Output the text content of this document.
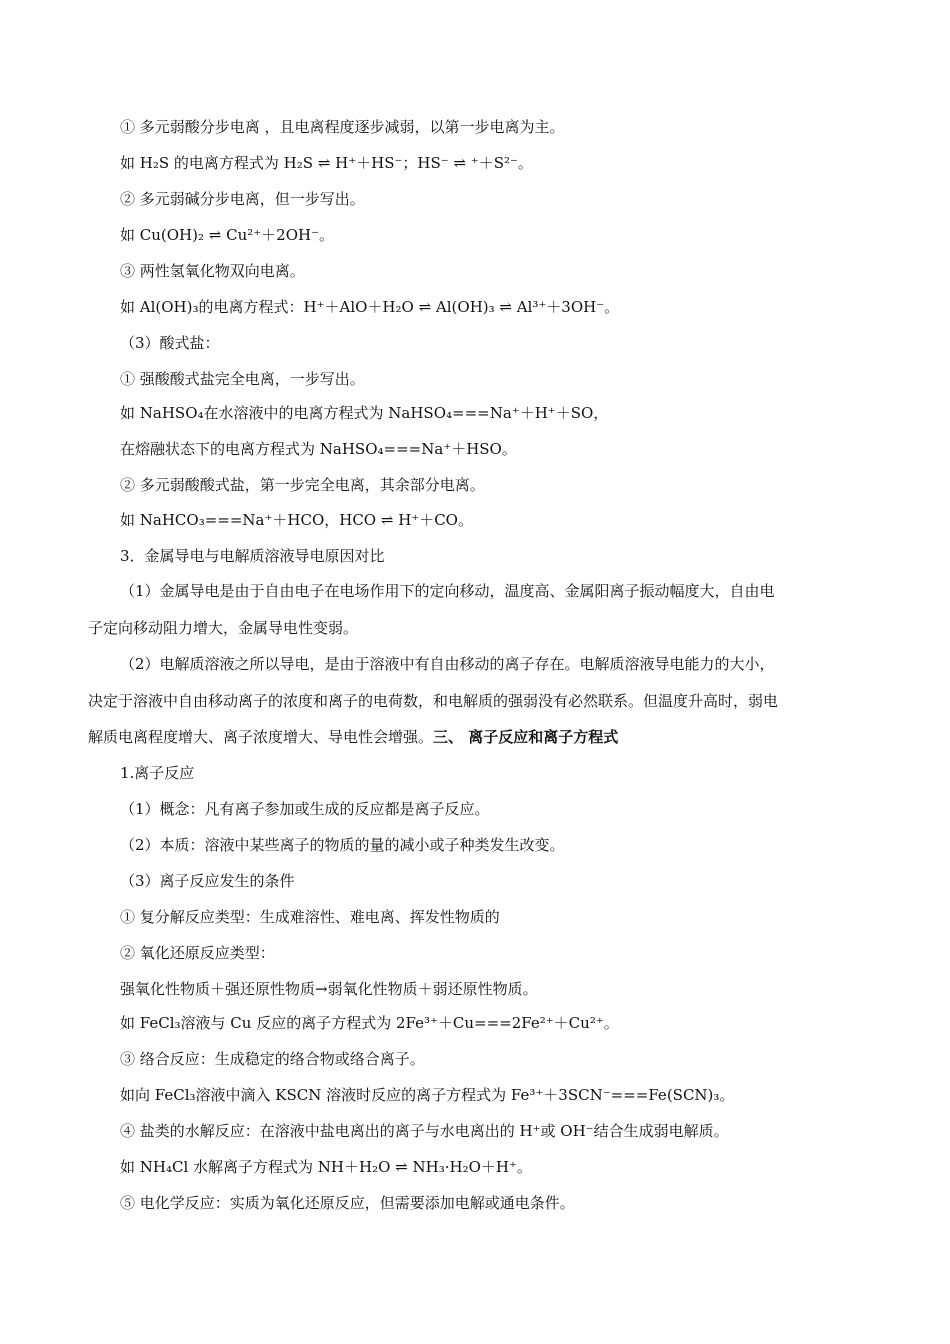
① 多元弱酸分步电离 ，且电离程度逐步减弱，以第一步电离为主。
如 H₂S 的电离方程式为 H₂S ⇌ H⁺＋HS⁻；HS⁻ ⇌ ⁺＋S²⁻。
② 多元弱碱分步电离，但一步写出。
如 Cu(OH)₂ ⇌ Cu²⁺＋2OH⁻。
③ 两性氢氧化物双向电离。
如 Al(OH)₃的电离方程式：H⁺＋AlO＋H₂O ⇌ Al(OH)₃ ⇌ Al³⁺＋3OH⁻。
（3）酸式盐：
① 强酸酸式盐完全电离，一步写出。
如 NaHSO₄在水溶液中的电离方程式为 NaHSO₄===Na⁺＋H⁺＋SO，
在熔融状态下的电离方程式为 NaHSO₄===Na⁺＋HSO。
② 多元弱酸酸式盐，第一步完全电离，其余部分电离。
如 NaHCO₃===Na⁺＋HCO，HCO ⇌ H⁺＋CO。
3．金属导电与电解质溶液导电原因对比
（1）金属导电是由于自由电子在电场作用下的定向移动，温度高、金属阳离子振动幅度大，自由电
子定向移动阻力增大，金属导电性变弱。
（2）电解质溶液之所以导电，是由于溶液中有自由移动的离子存在。电解质溶液导电能力的大小，
决定于溶液中自由移动离子的浓度和离子的电荷数，和电解质的强弱没有必然联系。但温度升高时，弱电
解质电离程度增大、离子浓度增大、导电性会增强。三、 离子反应和离子方程式
1.离子反应
（1）概念：凡有离子参加或生成的反应都是离子反应。
（2）本质：溶液中某些离子的物质的量的减小或子种类发生改变。
（3）离子反应发生的条件
① 复分解反应类型：生成难溶性、难电离、挥发性物质的
② 氧化还原反应类型：
强氧化性物质＋强还原性物质→弱氧化性物质＋弱还原性物质。
如 FeCl₃溶液与 Cu 反应的离子方程式为 2Fe³⁺＋Cu===2Fe²⁺＋Cu²⁺。
③ 络合反应：生成稳定的络合物或络合离子。
如向 FeCl₃溶液中滴入 KSCN 溶液时反应的离子方程式为 Fe³⁺＋3SCN⁻===Fe(SCN)₃。
④ 盐类的水解反应：在溶液中盐电离出的离子与水电离出的 H⁺或 OH⁻结合生成弱电解质。
如 NH₄Cl 水解离子方程式为 NH＋H₂O ⇌ NH₃·H₂O＋H⁺。
⑤ 电化学反应：实质为氧化还原反应，但需要添加电解或通电条件。
